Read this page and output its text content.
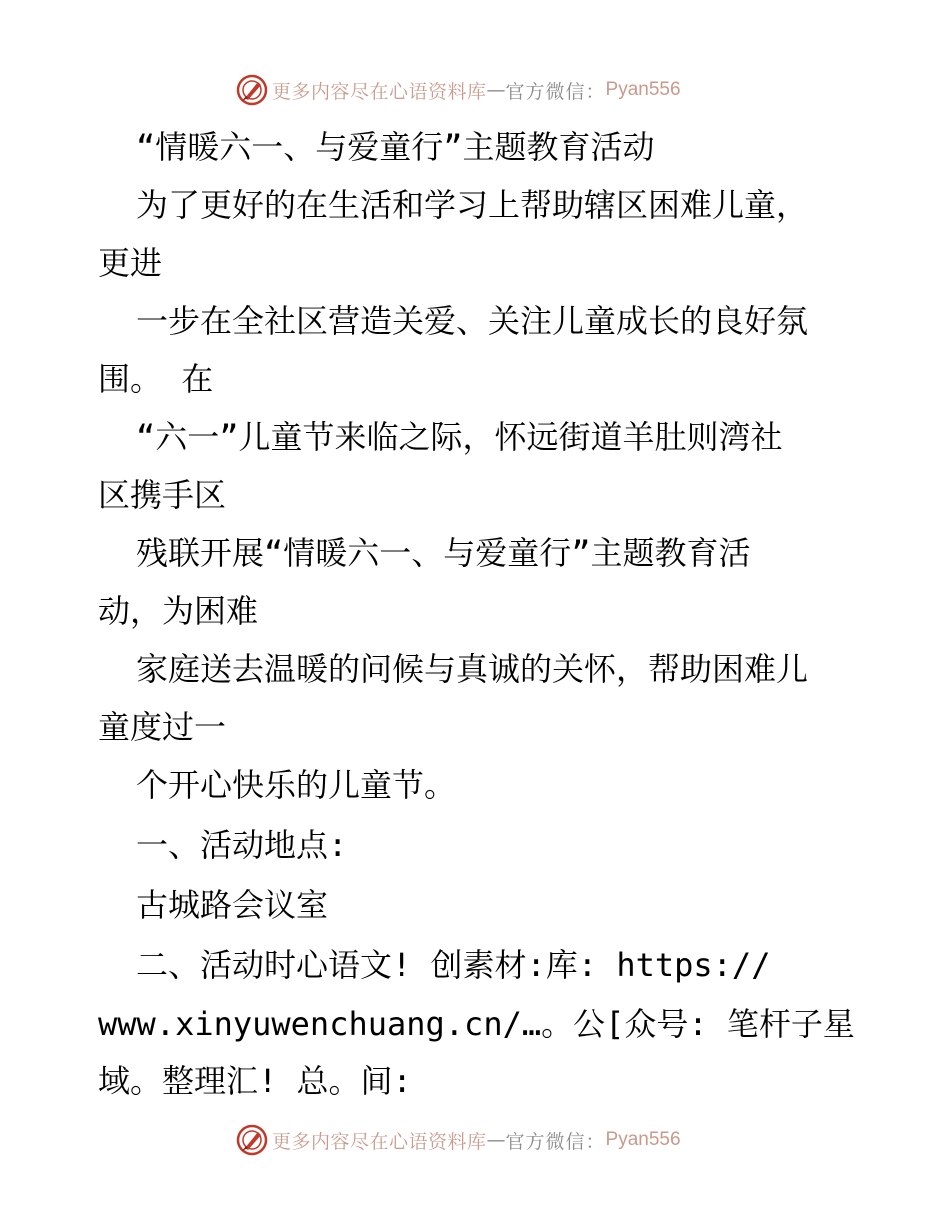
更多内容尽在心语资料库 — 官方微信： Pyan556
“情暖六一、与爱童行”主题教育活动
为了更好的在生活和学习上帮助辖区困难儿童，
更进
一步在全社区营造关爱、关注儿童成长的良好氛
围。 在
“六一”儿童节来临之际，怀远街道羊肚则湾社
区携手区
残联开展“情暖六一、与爱童行”主题教育活
动，为困难
家庭送去温暖的问候与真诚的关怀，帮助困难儿
童度过一
个开心快乐的儿童节。
一、活动地点:
古城路会议室
二、活动时心语文! 创素材:库: https://
www.xinyuwenchuang.cn/…。公[众号: 笔杆子星
域。整理汇! 总。间:
更多内容尽在心语资料库 — 官方微信： Pyan556
